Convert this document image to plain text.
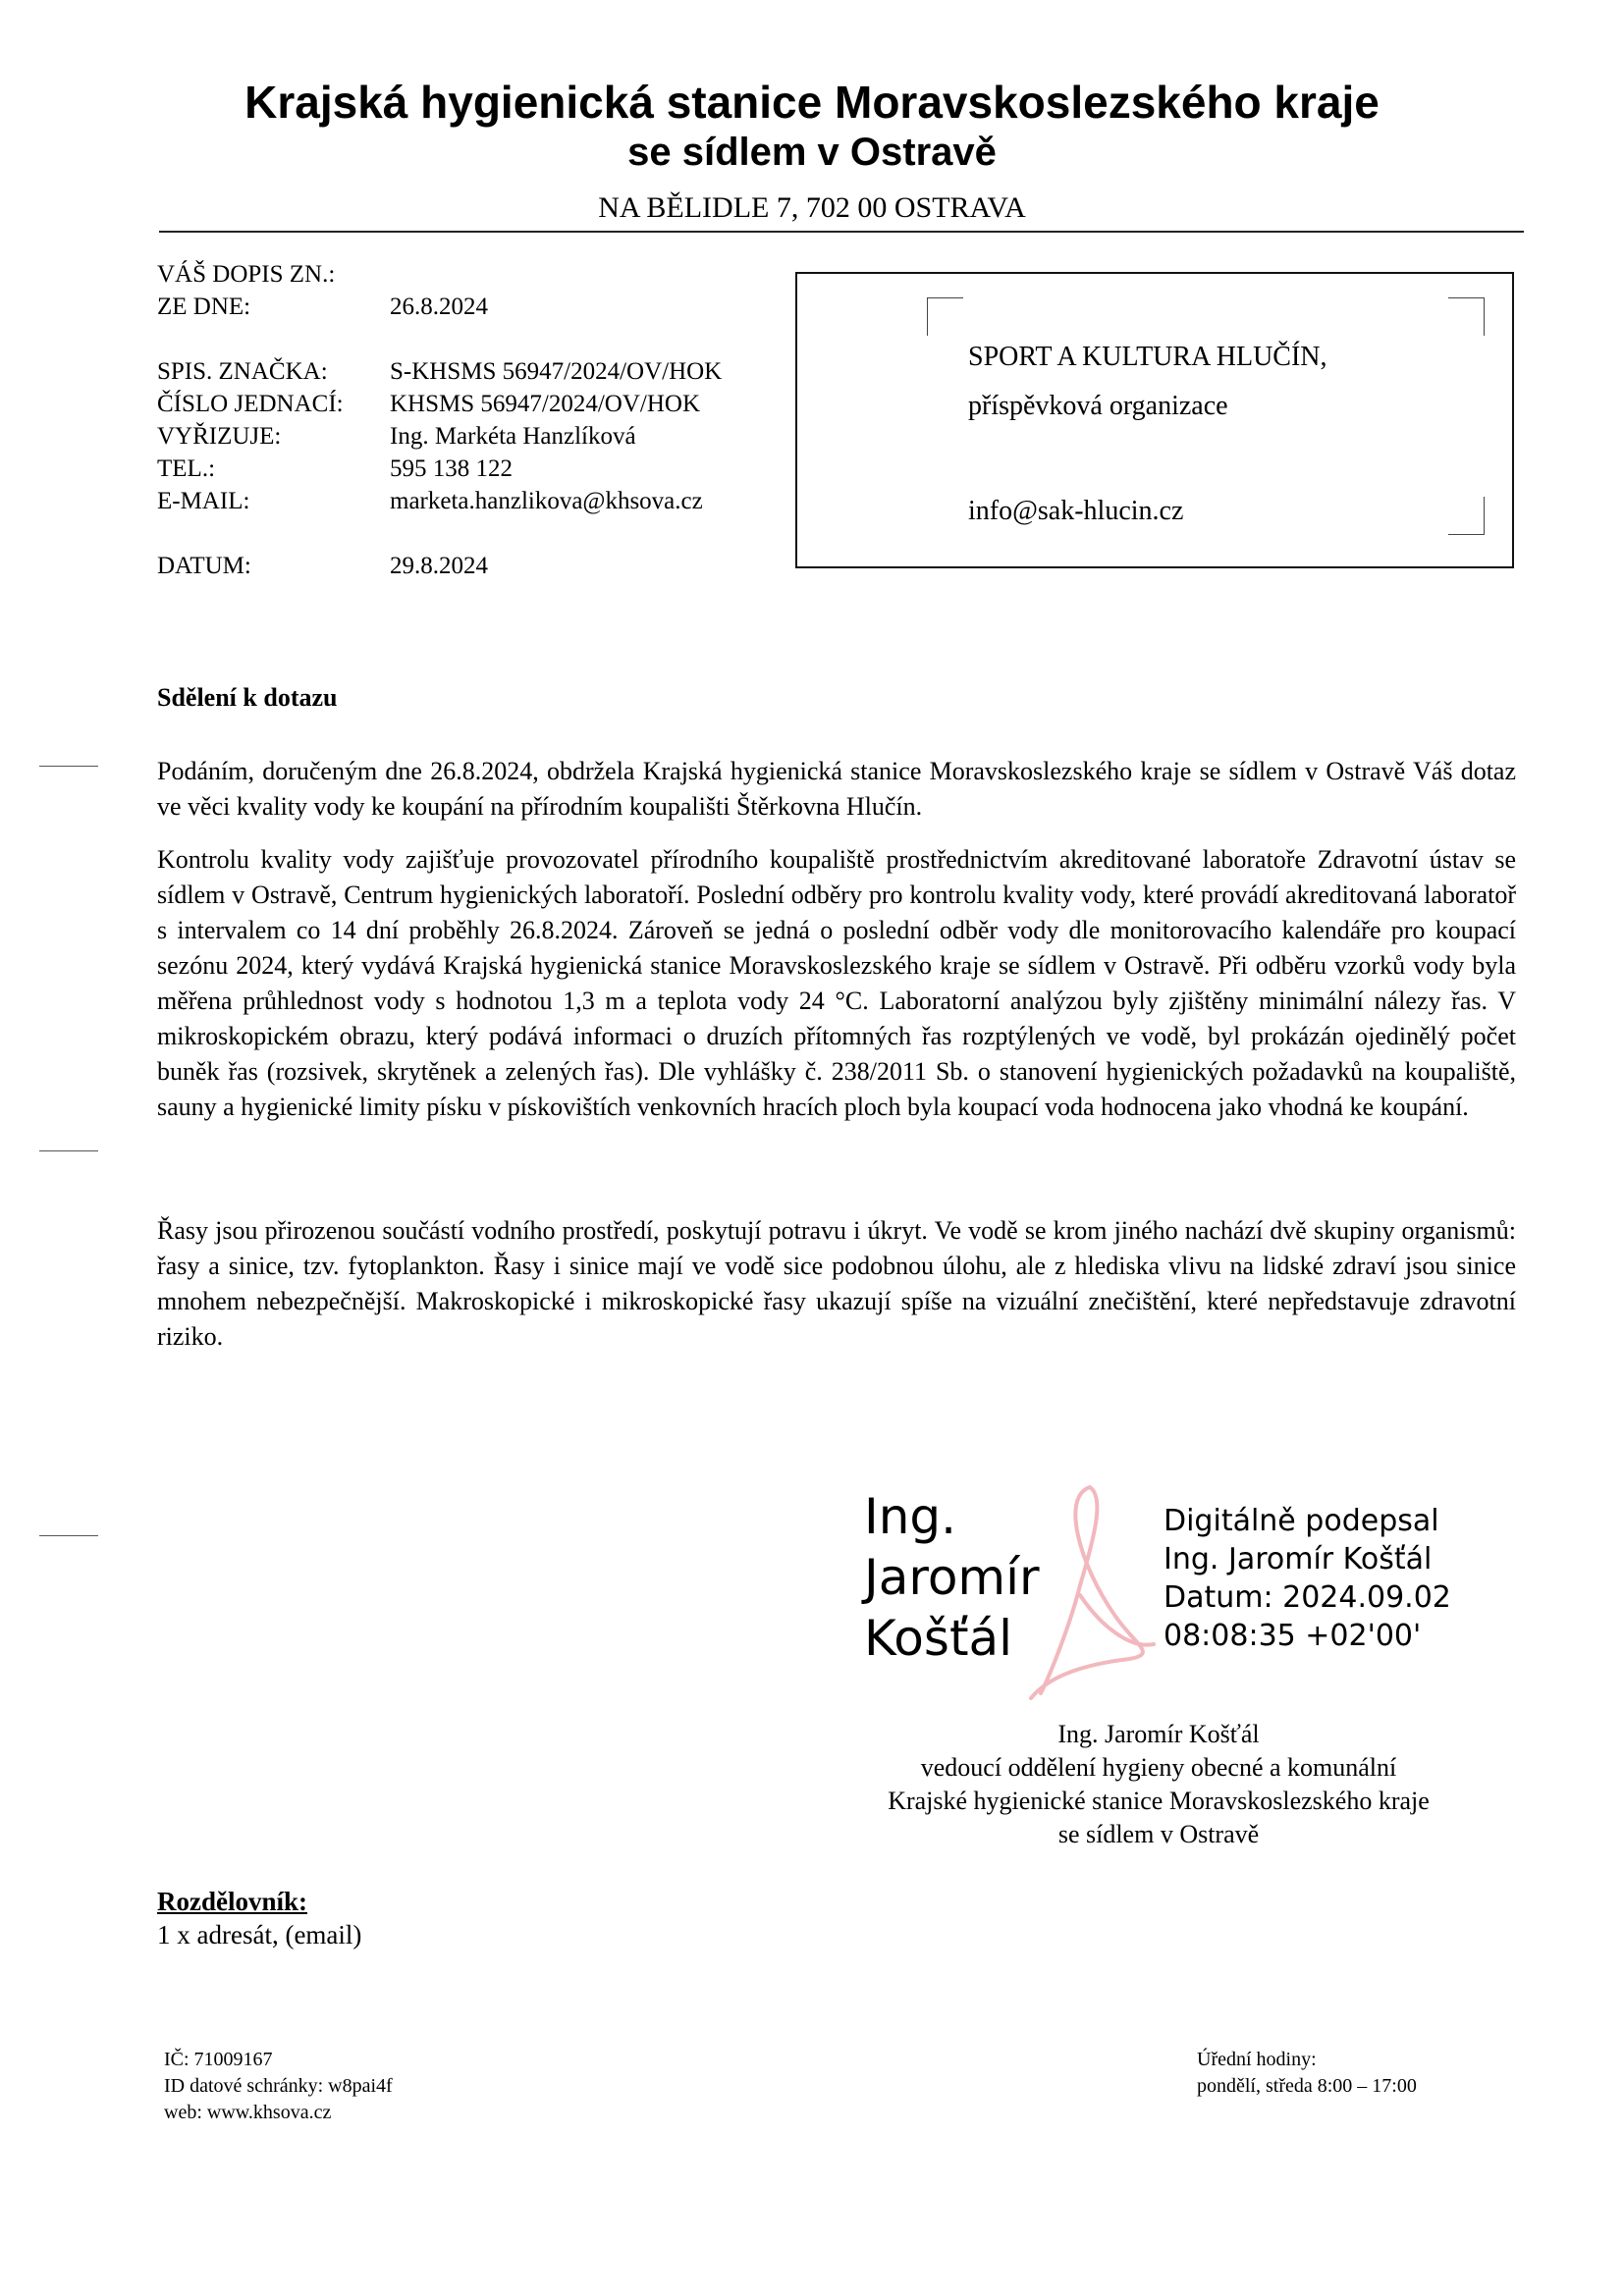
Krajská hygienická stanice Moravskoslezského kraje
se sídlem v Ostravě
NA BĚLIDLE 7, 702 00 OSTRAVA
VÁŠ DOPIS ZN.:
ZE DNE:	26.8.2024
SPIS. ZNAČKA:	S-KHSMS 56947/2024/OV/HOK
ČÍSLO JEDNACÍ:	KHSMS 56947/2024/OV/HOK
VYŘIZUJE:	Ing. Markéta Hanzlíková
TEL.:	595 138 122
E-MAIL:	marketa.hanzlikova@khsova.cz
DATUM:	29.8.2024
SPORT A KULTURA HLUČÍN,
příspěvková organizace
info@sak-hlucin.cz
Sdělení k dotazu

Podáním, doručeným dne 26.8.2024, obdržela Krajská hygienická stanice Moravskoslezského kraje se sídlem v Ostravě Váš dotaz ve věci kvality vody ke koupání na přírodním koupališti Štěrkovna Hlučín.

Kontrolu kvality vody zajišťuje provozovatel přírodního koupaliště prostřednictvím akreditované laboratoře Zdravotní ústav se sídlem v Ostravě, Centrum hygienických laboratoří. Poslední odběry pro kontrolu kvality vody, které provádí akreditovaná laboratoř s intervalem co 14 dní proběhly 26.8.2024. Zároveň se jedná o poslední odběr vody dle monitorovacího kalendáře pro koupací sezónu 2024, který vydává Krajská hygienická stanice Moravskoslezského kraje se sídlem v Ostravě. Při odběru vzorků vody byla měřena průhlednost vody s hodnotou 1,3 m a teplota vody 24 °C. Laboratorní analýzou byly zjištěny minimální nálezy řas. V mikroskopickém obrazu, který podává informaci o druzích přítomných řas rozptýlených ve vodě, byl prokázán ojedinělý počet buněk řas (rozsivek, skrytěnek a zelených řas). Dle vyhlášky č. 238/2011 Sb. o stanovení hygienických požadavků na koupaliště, sauny a hygienické limity písku v pískovištích venkovních hracích ploch byla koupací voda hodnocena jako vhodná ke koupání.

Řasy jsou přirozenou součástí vodního prostředí, poskytují potravu i úkryt. Ve vodě se krom jiného nachází dvě skupiny organismů: řasy a sinice, tzv. fytoplankton. Řasy i sinice mají ve vodě sice podobnou úlohu, ale z hlediska vlivu na lidské zdraví jsou sinice mnohem nebezpečnější. Makroskopické i mikroskopické řasy ukazují spíše na vizuální znečištění, které nepředstavuje zdravotní riziko.

Ing.
Jaromír
Košťál
Digitálně podepsal
Ing. Jaromír Košťál
Datum: 2024.09.02
08:08:35 +02'00'
Ing. Jaromír Košťál
vedoucí oddělení hygieny obecné a komunální
Krajské hygienické stanice Moravskoslezského kraje
se sídlem v Ostravě
Rozdělovník:
1 x adresát, (email)
IČ: 71009167
ID datové schránky: w8pai4f
web: www.khsova.cz
Úřední hodiny:
pondělí, středa 8:00 – 17:00
